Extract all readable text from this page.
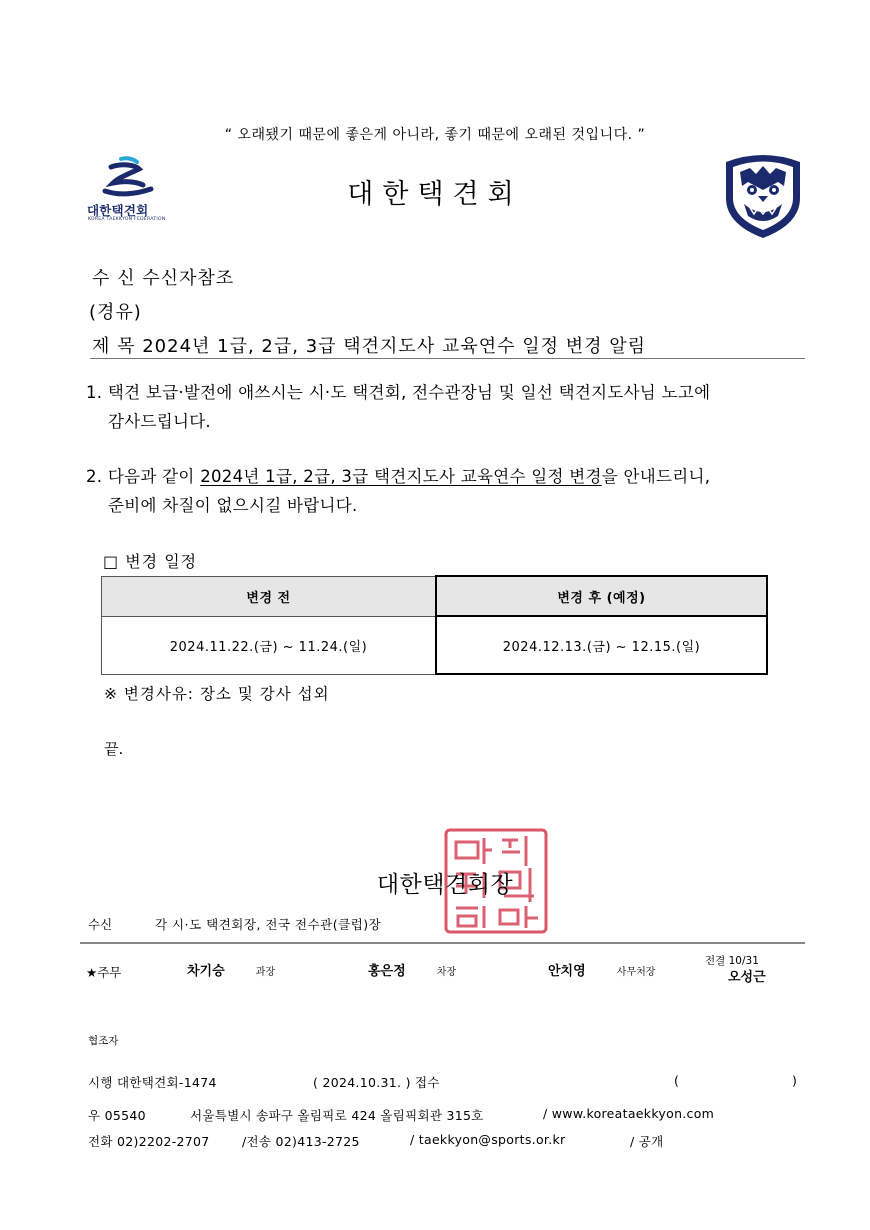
“ 오래됐기 때문에 좋은게 아니라, 좋기 때문에 오래된 것입니다. ”
대한택견회
KOREA TAEKKYON FEDERATION
대한택견회
수 신 수신자참조
(경유)
제 목 2024년 1급, 2급, 3급 택견지도사 교육연수 일정 변경 알림
1. 택견 보급·발전에 애쓰시는 시·도 택견회, 전수관장님 및 일선 택견지도사님 노고에
감사드립니다.
2. 다음과 같이 2024년 1급, 2급, 3급 택견지도사 교육연수 일정 변경을 안내드리니,
준비에 차질이 없으시길 바랍니다.
□ 변경 일정
변경 전	변경 후 (예정)
2024.11.22.(금) ~ 11.24.(일)	2024.12.13.(금) ~ 12.15.(일)
※ 변경사유: 장소 및 강사 섭외
끝.
대한택견회장
수신	각 시·도 택견회장, 전국 전수관(클럽)장
★주무	차기승	과장	홍은정	차장	안치영	사무처장
전결 10/31
오성근
협조자
시행 대한택견회-1474	( 2024.10.31. ) 접수	(	)
우 05540	서울특별시 송파구 올림픽로 424 올림픽회관 315호	/ www.koreataekkyon.com
전화 02)2202-2707	/전송 02)413-2725	/ taekkyon@sports.or.kr	/ 공개
